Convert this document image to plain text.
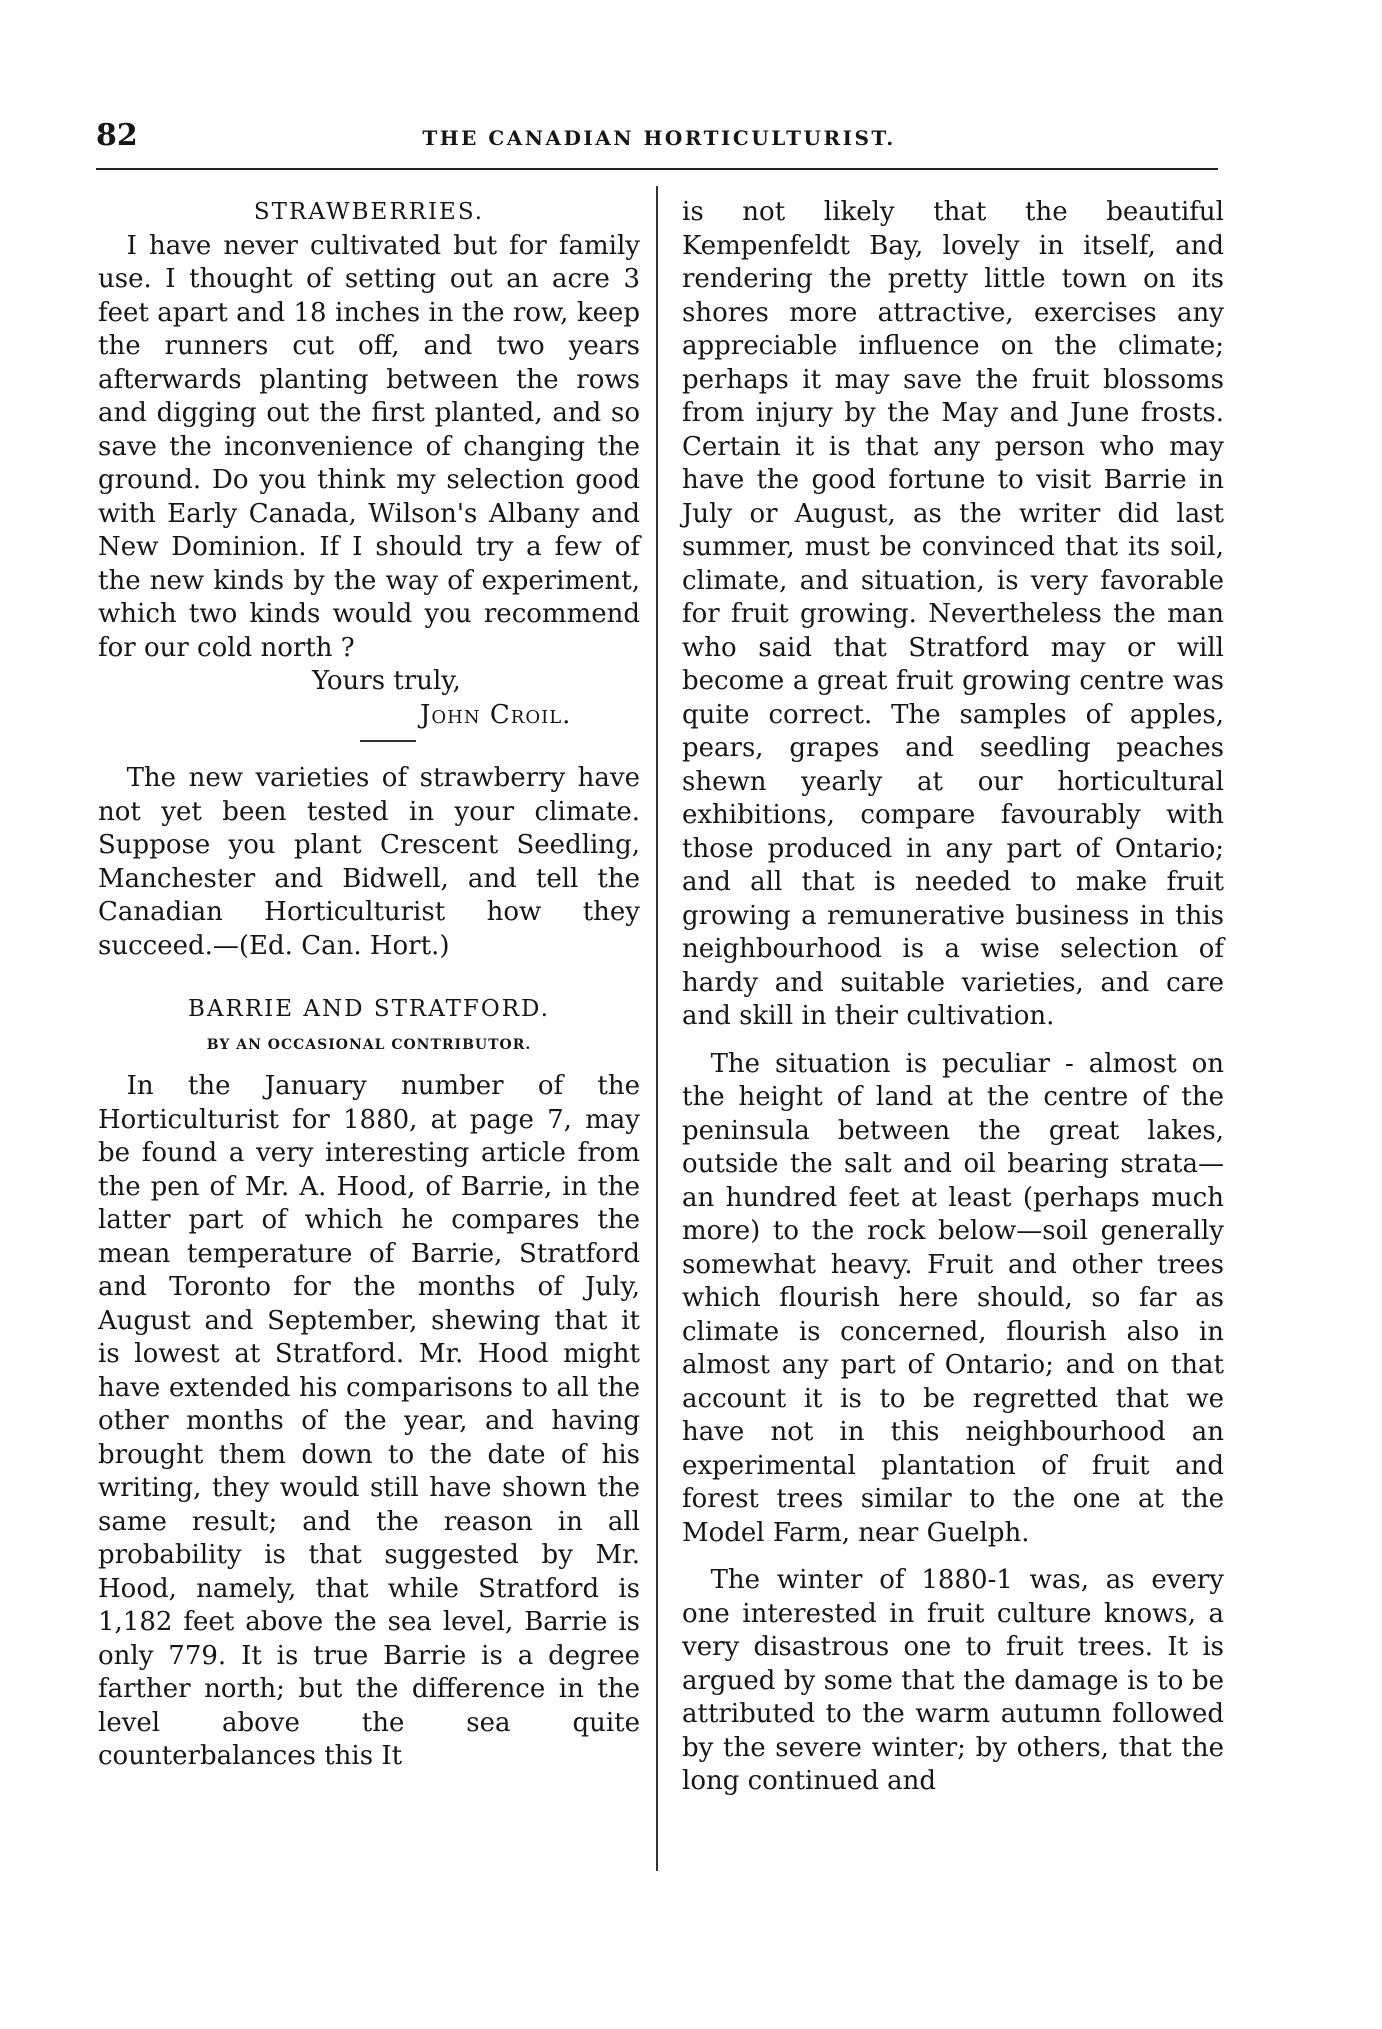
82	THE CANADIAN HORTICULTURIST.

STRAWBERRIES.

I have never cultivated but for family use. I thought of setting out an acre 3 feet apart and 18 inches in the row, keep the runners cut off, and two years afterwards planting between the rows and digging out the first planted, and so save the inconvenience of changing the ground. Do you think my selection good with Early Canada, Wilson's Albany and New Dominion. If I should try a few of the new kinds by the way of experiment, which two kinds would you recommend for our cold north ?

Yours truly,
John Croil.

The new varieties of strawberry have not yet been tested in your climate. Suppose you plant Crescent Seedling, Manchester and Bidwell, and tell the Canadian Horticulturist how they succeed.—(Ed. Can. Hort.)

BARRIE AND STRATFORD.

BY AN OCCASIONAL CONTRIBUTOR.

In the January number of the Horticulturist for 1880, at page 7, may be found a very interesting article from the pen of Mr. A. Hood, of Barrie, in the latter part of which he compares the mean temperature of Barrie, Stratford and Toronto for the months of July, August and September, shewing that it is lowest at Stratford. Mr. Hood might have extended his comparisons to all the other months of the year, and having brought them down to the date of his writing, they would still have shown the same result; and the reason in all probability is that suggested by Mr. Hood, namely, that while Stratford is 1,182 feet above the sea level, Barrie is only 779. It is true Barrie is a degree farther north; but the difference in the level above the sea quite counterbalances this It

is not likely that the beautiful Kempenfeldt Bay, lovely in itself, and rendering the pretty little town on its shores more attractive, exercises any appreciable influence on the climate; perhaps it may save the fruit blossoms from injury by the May and June frosts. Certain it is that any person who may have the good fortune to visit Barrie in July or August, as the writer did last summer, must be convinced that its soil, climate, and situation, is very favorable for fruit growing. Nevertheless the man who said that Stratford may or will become a great fruit growing centre was quite correct. The samples of apples, pears, grapes and seedling peaches shewn yearly at our horticultural exhibitions, compare favourably with those produced in any part of Ontario; and all that is needed to make fruit growing a remunerative business in this neighbourhood is a wise selection of hardy and suitable varieties, and care and skill in their cultivation.

The situation is peculiar - almost on the height of land at the centre of the peninsula between the great lakes, outside the salt and oil bearing strata—an hundred feet at least (perhaps much more) to the rock below—soil generally somewhat heavy. Fruit and other trees which flourish here should, so far as climate is concerned, flourish also in almost any part of Ontario; and on that account it is to be regretted that we have not in this neighbourhood an experimental plantation of fruit and forest trees similar to the one at the Model Farm, near Guelph.

The winter of 1880-1 was, as every one interested in fruit culture knows, a very disastrous one to fruit trees. It is argued by some that the damage is to be attributed to the warm autumn followed by the severe winter; by others, that the long continued and
